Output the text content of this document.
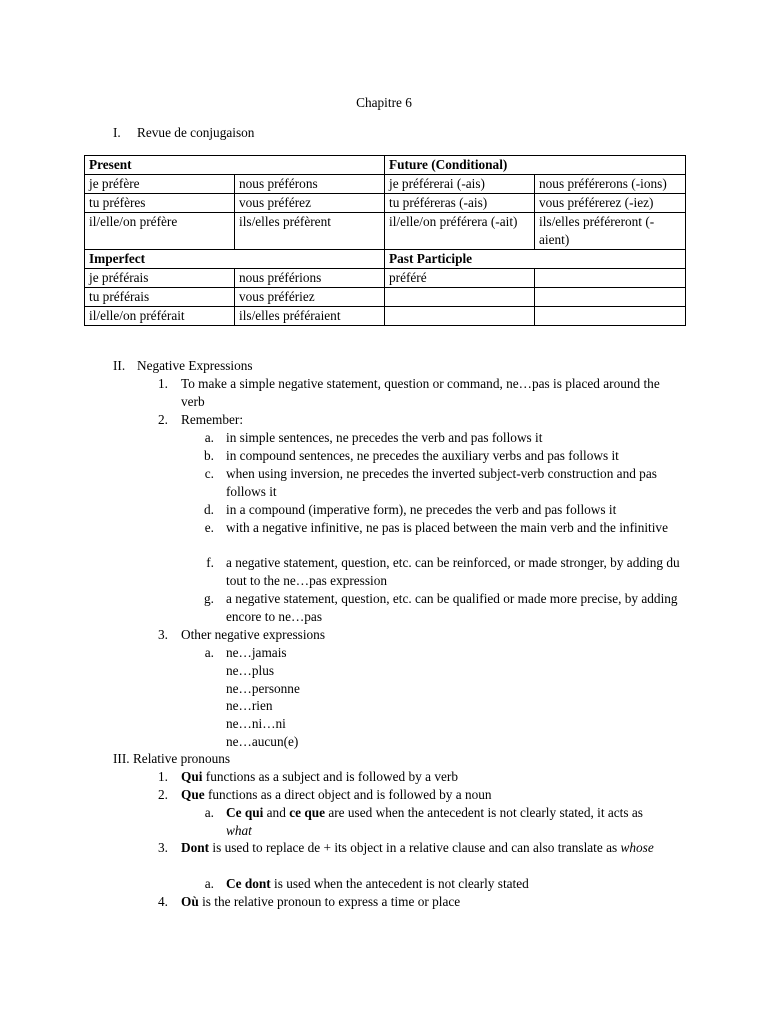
Chapitre 6
I. Revue de conjugaison
Present		Future (Conditional)	
je préfère	nous préférons	je préférerai (-ais)	nous préférerons (-ions)
tu préfères	vous préférez	tu préféreras (-ais)	vous préférerez (-iez)
il/elle/on préfère	ils/elles préfèrent	il/elle/on préférera (-ait)	ils/elles préféreront (-aient)
Imperfect		Past Participle	
je préférais	nous préférions	préféré	
tu préférais	vous préfériez		
il/elle/on préférait	ils/elles préféraient		
II. Negative Expressions
1. To make a simple negative statement, question or command, ne…pas is placed around the verb
2. Remember:
a. in simple sentences, ne precedes the verb and pas follows it
b. in compound sentences, ne precedes the auxiliary verbs and pas follows it
c. when using inversion, ne precedes the inverted subject-verb construction and pas follows it
d. in a compound (imperative form), ne precedes the verb and pas follows it
e. with a negative infinitive, ne pas is placed between the main verb and the infinitive
f. a negative statement, question, etc. can be reinforced, or made stronger, by adding du tout to the ne…pas expression
g. a negative statement, question, etc. can be qualified or made more precise, by adding encore to ne…pas
3. Other negative expressions
a. ne…jamais
ne…plus
ne…personne
ne…rien
ne…ni…ni
ne…aucun(e)
III. Relative pronouns
1. Qui functions as a subject and is followed by a verb
2. Que functions as a direct object and is followed by a noun
a. Ce qui and ce que are used when the antecedent is not clearly stated, it acts as what
3. Dont is used to replace de + its object in a relative clause and can also translate as whose
a. Ce dont is used when the antecedent is not clearly stated
4. Où is the relative pronoun to express a time or place
